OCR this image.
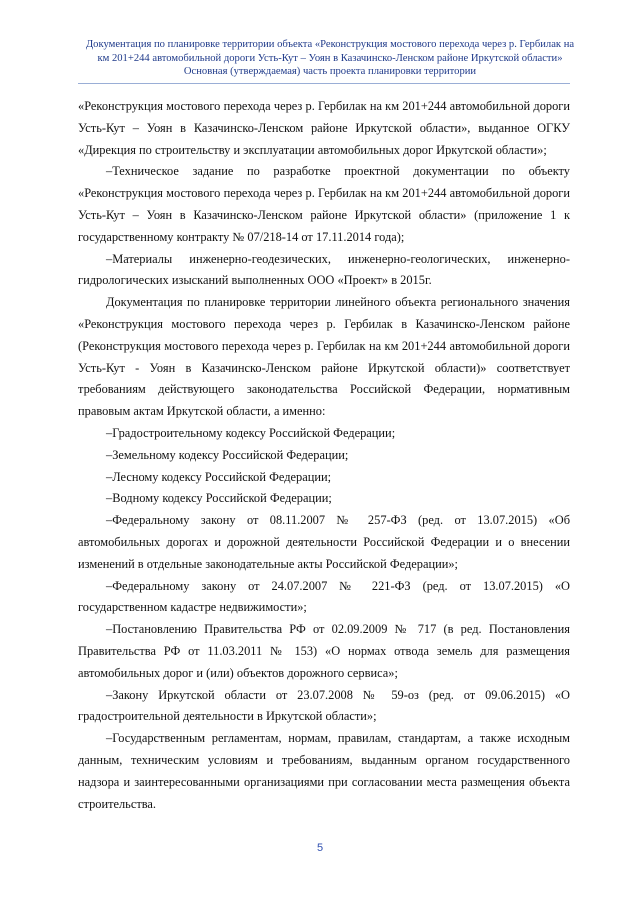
Документация по планировке территории объекта «Реконструкция мостового перехода через р. Гербилак на
км 201+244 автомобильной дороги Усть-Кут – Уоян в Казачинско-Ленском районе Иркутской области»
Основная (утверждаемая) часть проекта планировки территории

«Реконструкция мостового перехода через р. Гербилак на км 201+244 автомобильной дороги Усть-Кут – Уоян в Казачинско-Ленском районе Иркутской области», выданное ОГКУ «Дирекция по строительству и эксплуатации автомобильных дорог Иркутской области»;

–Техническое задание по разработке проектной документации по объекту «Реконструкция мостового перехода через р. Гербилак на км 201+244 автомобильной дороги Усть-Кут – Уоян в Казачинско-Ленском районе Иркутской области» (приложение 1 к государственному контракту № 07/218-14 от 17.11.2014 года);

–Материалы инженерно-геодезических, инженерно-геологических, инженерно-гидрологических изысканий выполненных ООО «Проект» в 2015г.

Документация по планировке территории линейного объекта регионального значения «Реконструкция мостового перехода через р. Гербилак в Казачинско-Ленском районе (Реконструкция мостового перехода через р. Гербилак на км 201+244 автомобильной дороги Усть-Кут - Уоян в Казачинско-Ленском районе Иркутской области)» соответствует требованиям действующего законодательства Российской Федерации, нормативным правовым актам Иркутской области, а именно:

–Градостроительному кодексу Российской Федерации;

–Земельному кодексу Российской Федерации;

–Лесному кодексу Российской Федерации;

–Водному кодексу Российской Федерации;

–Федеральному закону от 08.11.2007 № 257-ФЗ (ред. от 13.07.2015) «Об автомобильных дорогах и дорожной деятельности Российской Федерации и о внесении изменений в отдельные законодательные акты Российской Федерации»;

–Федеральному закону от 24.07.2007 № 221-ФЗ (ред. от 13.07.2015) «О государственном кадастре недвижимости»;

–Постановлению Правительства РФ от 02.09.2009 № 717 (в ред. Постановления Правительства РФ от 11.03.2011 № 153) «О нормах отвода земель для размещения автомобильных дорог и (или) объектов дорожного сервиса»;

–Закону Иркутской области от 23.07.2008 № 59-оз (ред. от 09.06.2015) «О градостроительной деятельности в Иркутской области»;

–Государственным регламентам, нормам, правилам, стандартам, а также исходным данным, техническим условиям и требованиям, выданным органом государственного надзора и заинтересованными организациями при согласовании места размещения объекта строительства.

5
